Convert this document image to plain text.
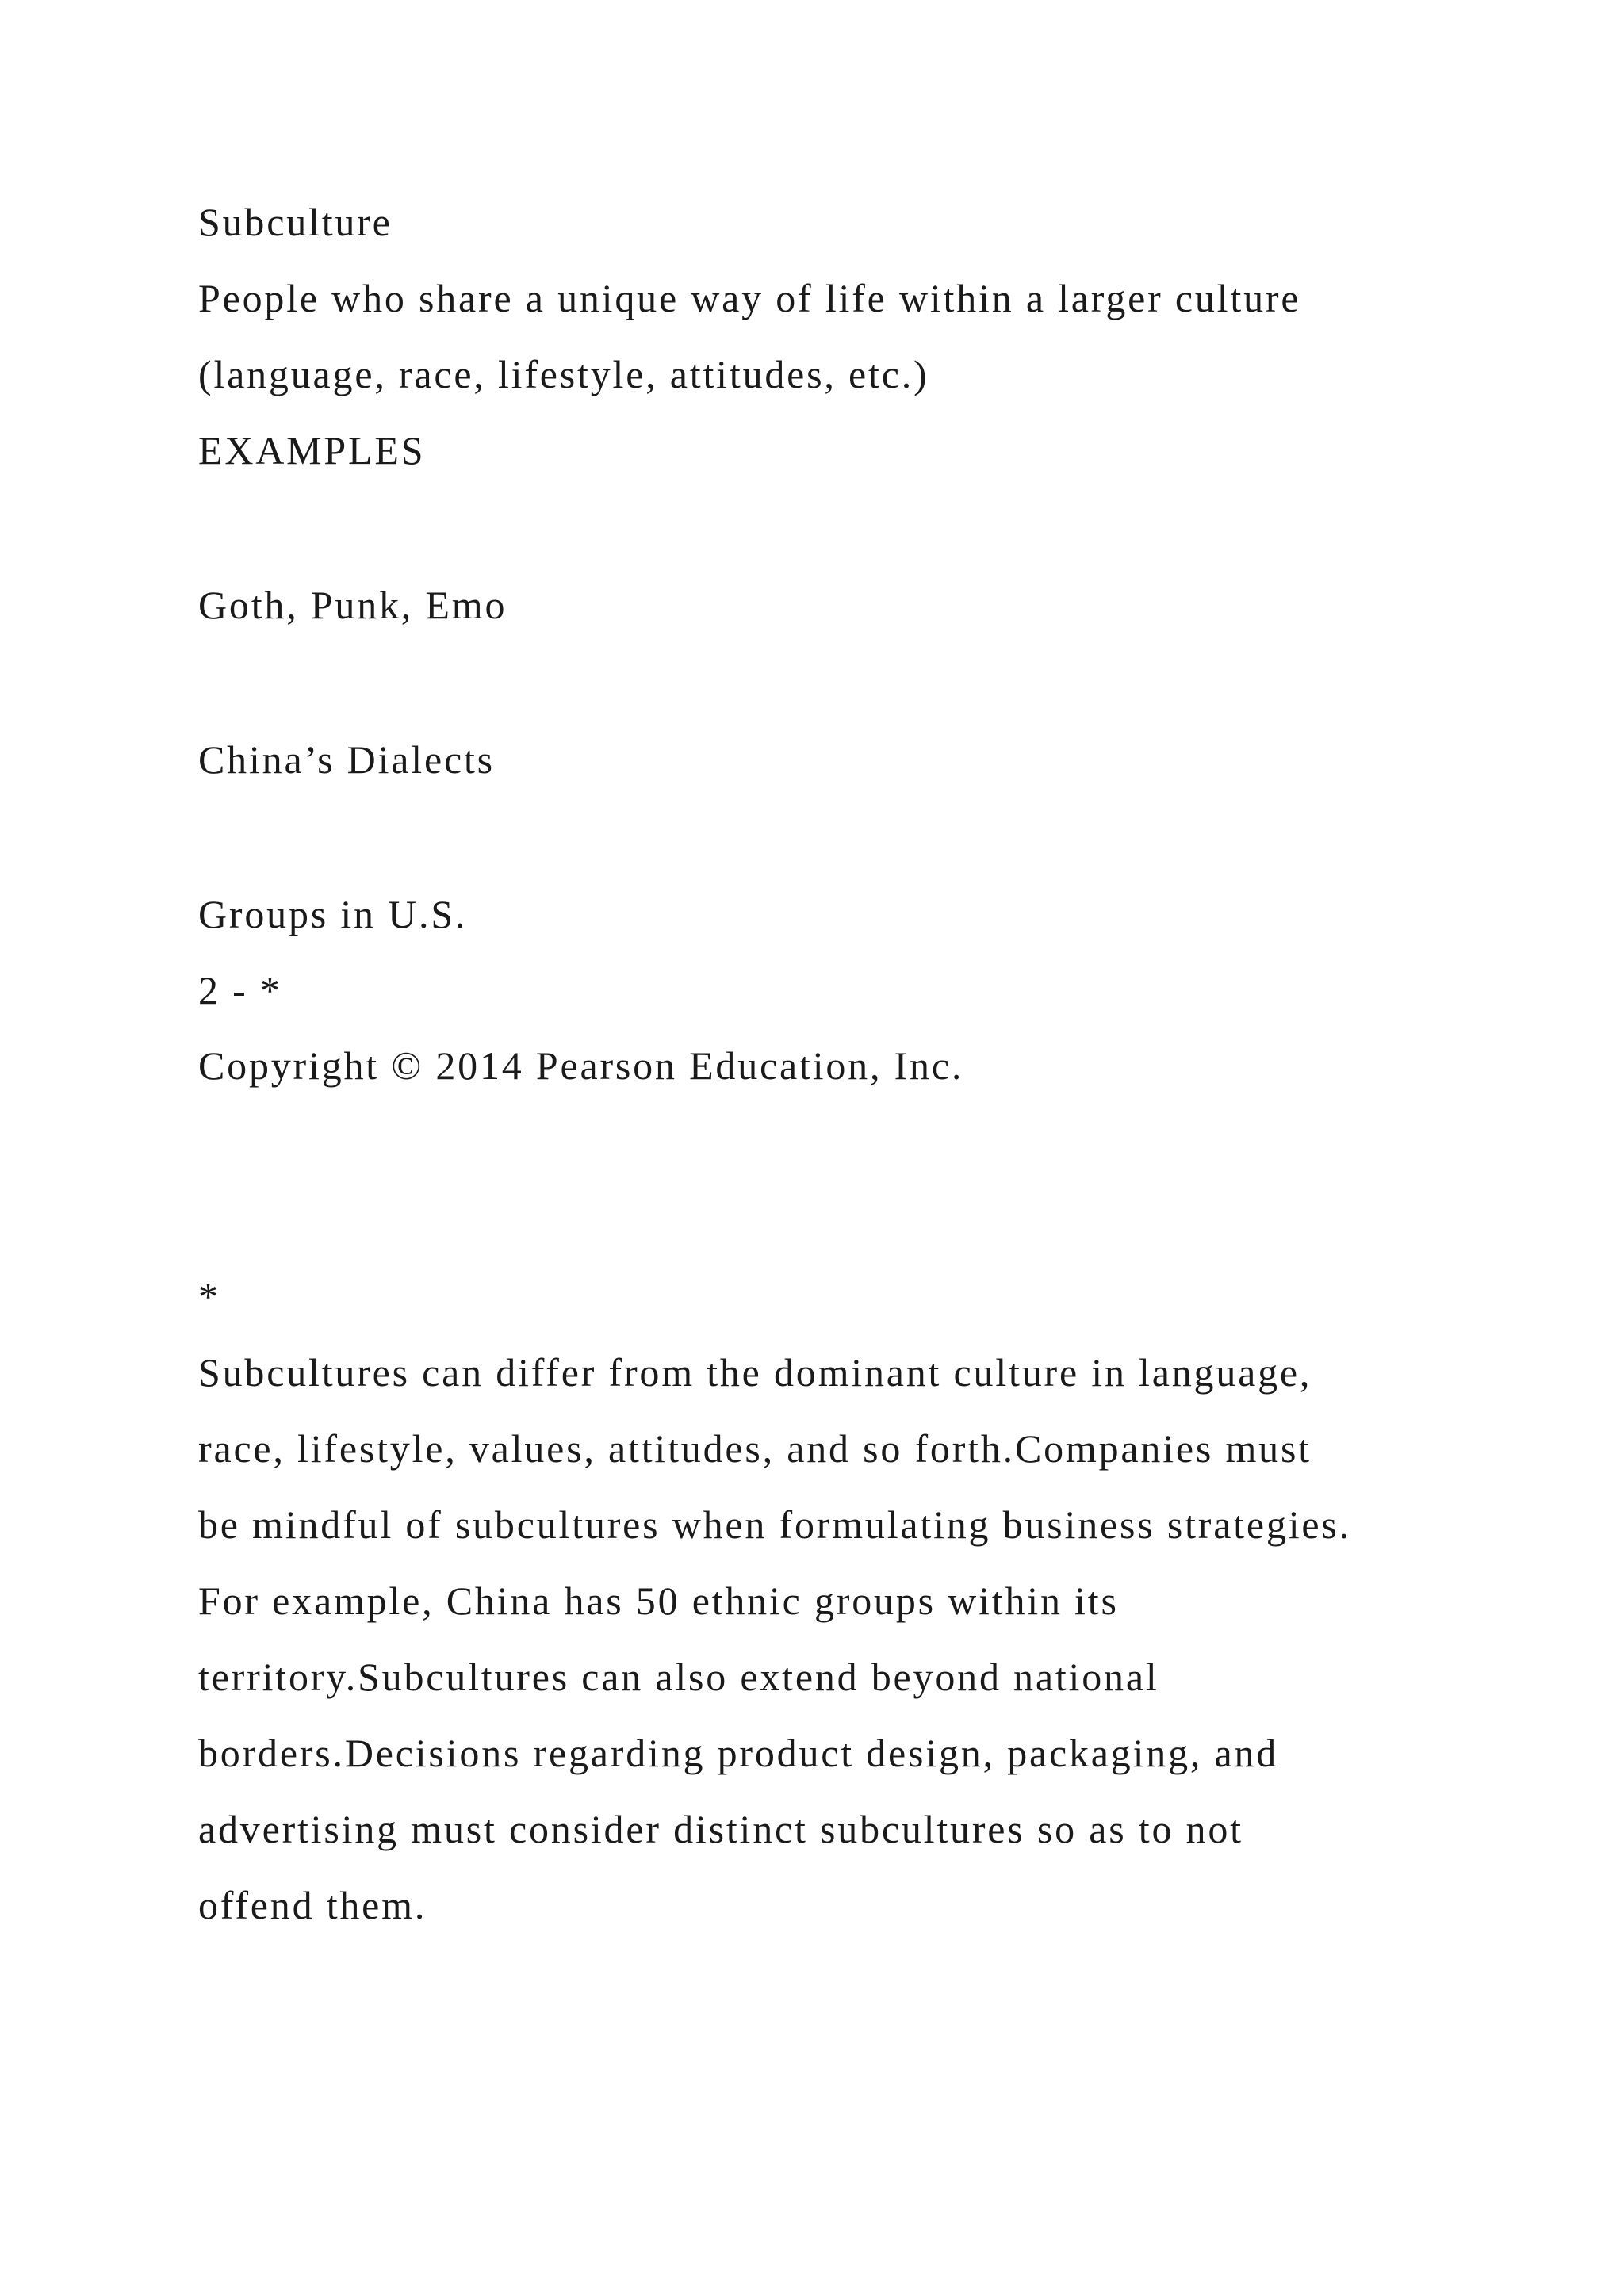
Subculture
People who share a unique way of life within a larger culture
(language, race, lifestyle, attitudes, etc.)
EXAMPLES
Goth, Punk, Emo
China’s Dialects
Groups in U.S.
2 - *
Copyright © 2014 Pearson Education, Inc.
*
Subcultures can differ from the dominant culture in language,
race, lifestyle, values, attitudes, and so forth.Companies must
be mindful of subcultures when formulating business strategies.
For example, China has 50 ethnic groups within its
territory.Subcultures can also extend beyond national
borders.Decisions regarding product design, packaging, and
advertising must consider distinct subcultures so as to not
offend them.
